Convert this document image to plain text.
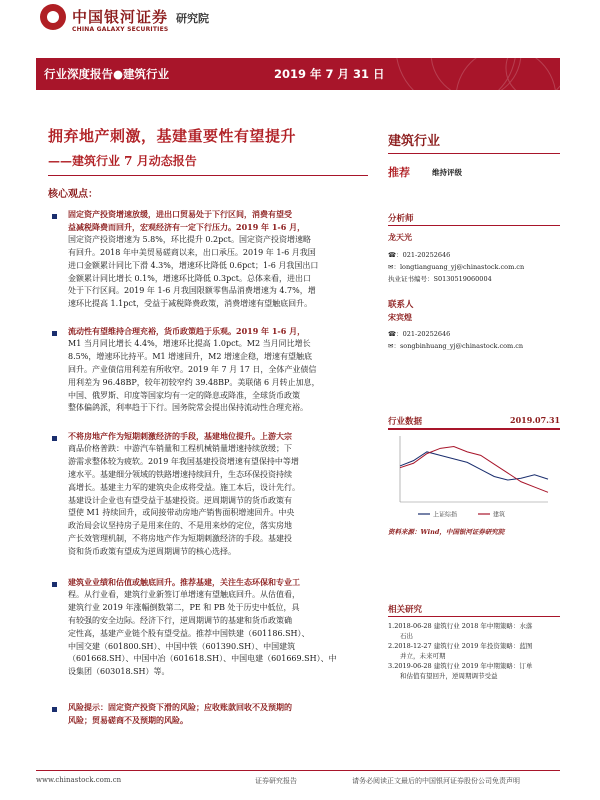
中国银河证券
CHINA GALAXY SECURITIES
研究院
行业深度报告●建筑行业	2019 年 7 月 31 日
拥弃地产刺激，基建重要性有望提升
——建筑行业 7 月动态报告
核心观点：
固定资产投资增速放缓，进出口贸易处于下行区间，消费有望受
益减税降费而回升，宏观经济有一定下行压力。2019 年 1-6 月，
国定资产投资增速为 5.8%，环比提升 0.2pct。国定资产投资增速略
有回升。2018 年中美贸易磋商以来，出口承压。2019 年 1-6 月我国
进口金额累计同比下滑 4.3%，增速环比降低 0.6pct；1-6 月我国出口
金额累计同比增长 0.1%，增速环比降低 0.3pct。总体来看，进出口
处于下行区间。2019 年 1-6 月我国限额零售品消费增速为 4.7%，增
速环比提高 1.1pct，受益于减税降费政策，消费增速有望触底回升。
流动性有望维持合理充裕，货币政策趋于乐观。2019 年 1-6 月，
M1 当月同比增长 4.4%，增速环比提高 1.0pct。M2 当月同比增长
8.5%，增速环比持平。M1 增速回升，M2 增速企稳，增速有望触底
回升。产业债信用利差有所收窄。2019 年 7 月 17 日，全体产业债信
用利差为 96.48BP，较年初较窄约 39.48BP。美联储 6 月转止加息，
中国、俄罗斯、印度等国家均有一定的降息或降准，全球货币政策
整体偏鸽派，利率趋于下行。国务院常会提出保持流动性合理充裕。
不将房地产作为短期刺激经济的手段，基建地位提升。上游大宗
商品价格普跌：中游汽车销量和工程机械销量增速持续放缓；下
游需求整体较为疲软。2019 年我国基建投资增速有望保持中等增
速水平。基建细分领域的铁路增速持续回升，生态环保投资持续
高增长。基建主力军的建筑央企成将受益。施工本后，设计先行。
基建设计企业也有望受益于基建投资。逆周期调节的货币政策有
望使 M1 持续回升，或间接带动房地产销售面积增速回升。中央
政治局会议坚持房子是用来住的、不是用来炒的定位，落实房地
产长效管理机制，不将房地产作为短期刺激经济的手段。基建投
资和货币政策有望成为逆周期调节的核心选择。
建筑业业绩和估值或触底回升。推荐基建，关注生态环保和专业工
程。从行业看，建筑行业新签订单增速有望触底回升。从估值看，
建筑行业 2019 年涨幅倒数第二，PE 和 PB 处于历史中低位，具
有较强的安全边际。经济下行，逆周期调节的基建和货币政策确
定性高，基建产业链个股有望受益。推荐中国铁建（601186.SH）、
中国交建（601800.SH）、中国中铁（601390.SH）、中国建筑
（601668.SH）、中国中冶（601618.SH）、中国电建（601669.SH）、中
设集团（603018.SH）等。
风险提示：固定资产投资下滑的风险；应收账款回收不及预期的
风险；贸易磋商不及预期的风险。
建筑行业
推荐	维持评级
分析师
龙天光
☎：021-20252646
✉：longtianguang_yj@chinastock.com.cn
执业证书编号：S0130519060004
联系人
宋宾煌
☎：021-20252646
✉：songbinhuang_yj@chinastock.com.cn
行业数据	2019.07.31
上证综指	建筑
资料来源：Wind，中国银河证券研究院
相关研究
1.2018-06-28 建筑行业 2018 年中期策略：水落
石出
2.2018-12-27 建筑行业 2019 年投资策略：蓝图
并立，未来可期
3.2019-06-28 建筑行业 2019 年中期策略：订单
和估值有望回升，逆周期调节受益
www.chinastock.com.cn	证券研究报告	请务必阅读正文最后的中国银河证券股份公司免责声明
